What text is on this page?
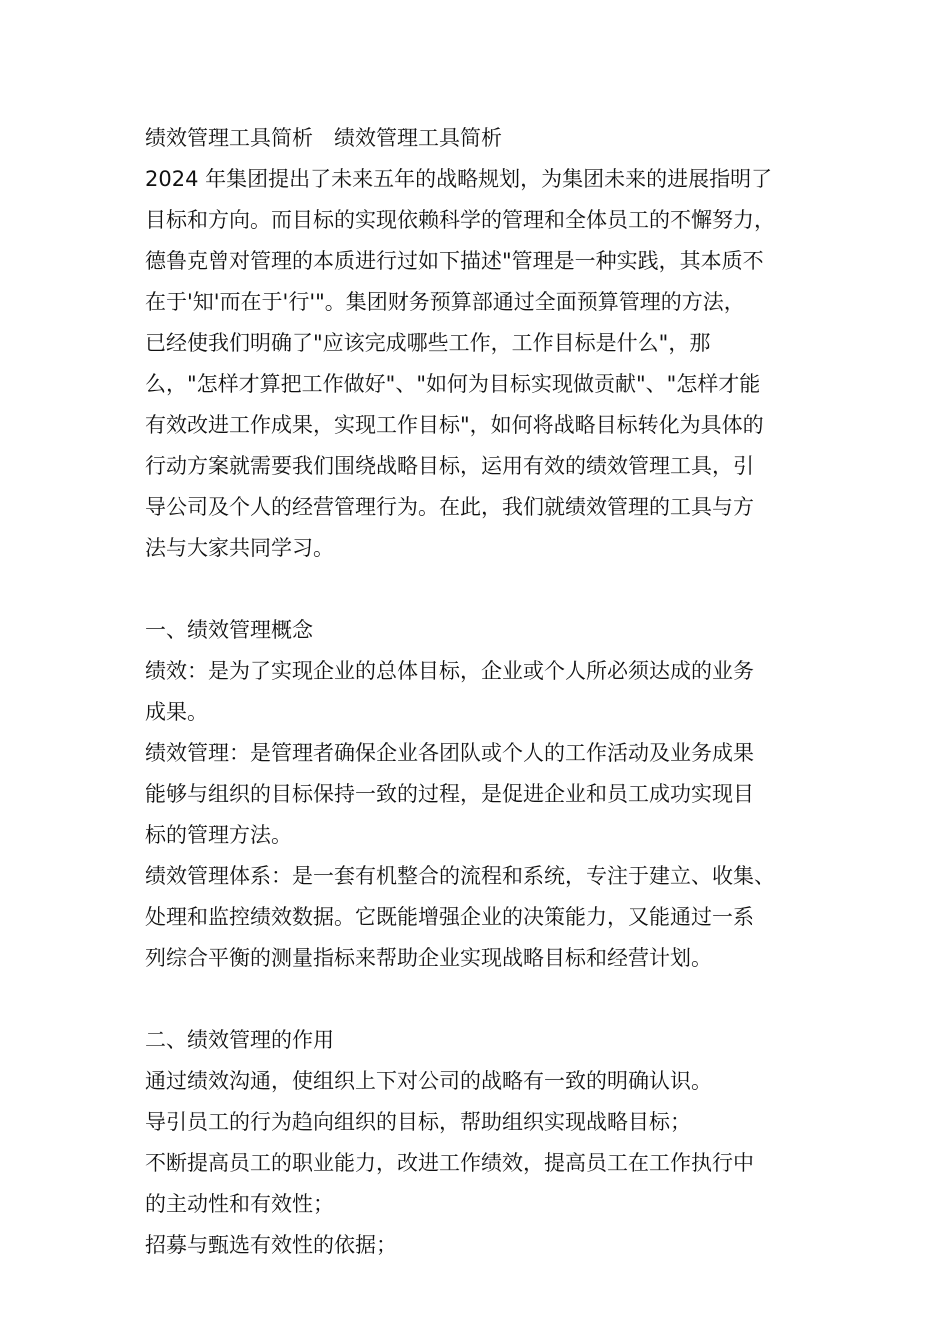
绩效管理工具简析　绩效管理工具简析
2024 年集团提出了未来五年的战略规划，为集团未来的进展指明了
目标和方向。而目标的实现依赖科学的管理和全体员工的不懈努力，
德鲁克曾对管理的本质进行过如下描述"管理是一种实践，其本质不
在于'知'而在于'行'"。集团财务预算部通过全面预算管理的方法，
已经使我们明确了"应该完成哪些工作，工作目标是什么"，那
么，"怎样才算把工作做好"、"如何为目标实现做贡献"、"怎样才能
有效改进工作成果，实现工作目标"，如何将战略目标转化为具体的
行动方案就需要我们围绕战略目标，运用有效的绩效管理工具，引
导公司及个人的经营管理行为。在此，我们就绩效管理的工具与方
法与大家共同学习。
一、绩效管理概念
绩效：是为了实现企业的总体目标，企业或个人所必须达成的业务
成果。
绩效管理：是管理者确保企业各团队或个人的工作活动及业务成果
能够与组织的目标保持一致的过程，是促进企业和员工成功实现目
标的管理方法。
绩效管理体系：是一套有机整合的流程和系统，专注于建立、收集、
处理和监控绩效数据。它既能增强企业的决策能力，又能通过一系
列综合平衡的测量指标来帮助企业实现战略目标和经营计划。
二、绩效管理的作用
通过绩效沟通，使组织上下对公司的战略有一致的明确认识。
导引员工的行为趋向组织的目标，帮助组织实现战略目标；
不断提高员工的职业能力，改进工作绩效，提高员工在工作执行中
的主动性和有效性；
招募与甄选有效性的依据；
